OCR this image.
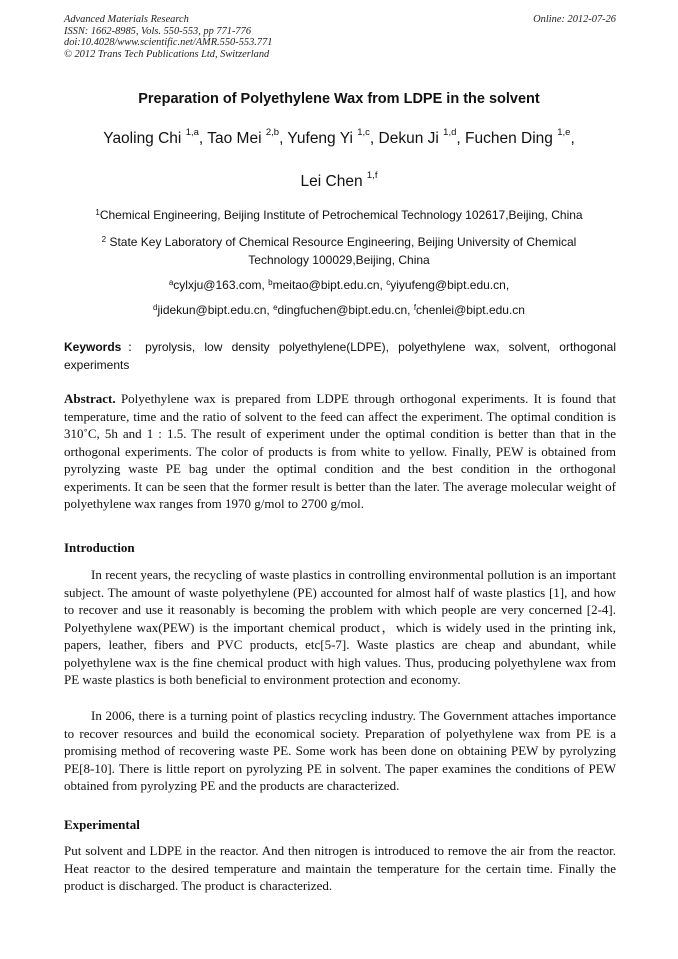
Advanced Materials Research
ISSN: 1662-8985, Vols. 550-553, pp 771-776
doi:10.4028/www.scientific.net/AMR.550-553.771
© 2012 Trans Tech Publications Ltd, Switzerland
Online: 2012-07-26
Preparation of Polyethylene Wax from LDPE in the solvent
Yaoling Chi $^{1,a}$, Tao Mei $^{2,b}$, Yufeng Yi $^{1,c}$, Dekun Ji $^{1,d}$, Fuchen Ding $^{1,e}$,
Lei Chen $^{1,f}$
$^1$Chemical Engineering, Beijing Institute of Petrochemical Technology 102617,Beijing, China
$^2$ State Key Laboratory of Chemical Resource Engineering, Beijing University of Chemical
Technology 100029,Beijing, China
$^a$cylxju@163.com, $^b$meitao@bipt.edu.cn, $^c$yiyufeng@bipt.edu.cn,
$^d$jidekun@bipt.edu.cn, $^e$dingfuchen@bipt.edu.cn, $^f$chenlei@bipt.edu.cn

Keywords：pyrolysis, low density polyethylene(LDPE), polyethylene wax, solvent, orthogonal experiments

Abstract. Polyethylene wax is prepared from LDPE through orthogonal experiments. It is found that temperature, time and the ratio of solvent to the feed can affect the experiment. The optimal condition is 310˚C, 5h and 1 : 1.5. The result of experiment under the optimal condition is better than that in the orthogonal experiments. The color of products is from white to yellow. Finally, PEW is obtained from pyrolyzing waste PE bag under the optimal condition and the best condition in the orthogonal experiments. It can be seen that the former result is better than the later. The average molecular weight of polyethylene wax ranges from 1970 g/mol to 2700 g/mol.

Introduction

In recent years, the recycling of waste plastics in controlling environmental pollution is an important subject. The amount of waste polyethylene (PE) accounted for almost half of waste plastics [1], and how to recover and use it reasonably is becoming the problem with which people are very concerned [2-4]. Polyethylene wax(PEW) is the important chemical product，which is widely used in the printing ink, papers, leather, fibers and PVC products, etc[5-7]. Waste plastics are cheap and abundant, while polyethylene wax is the fine chemical product with high values. Thus, producing polyethylene wax from PE waste plastics is both beneficial to environment protection and economy.

In 2006, there is a turning point of plastics recycling industry. The Government attaches importance to recover resources and build the economical society. Preparation of polyethylene wax from PE is a promising method of recovering waste PE. Some work has been done on obtaining PEW by pyrolyzing PE[8-10]. There is little report on pyrolyzing PE in solvent. The paper examines the conditions of PEW obtained from pyrolyzing PE and the products are characterized.

Experimental

Put solvent and LDPE in the reactor. And then nitrogen is introduced to remove the air from the reactor. Heat reactor to the desired temperature and maintain the temperature for the certain time. Finally the product is discharged. The product is characterized.
